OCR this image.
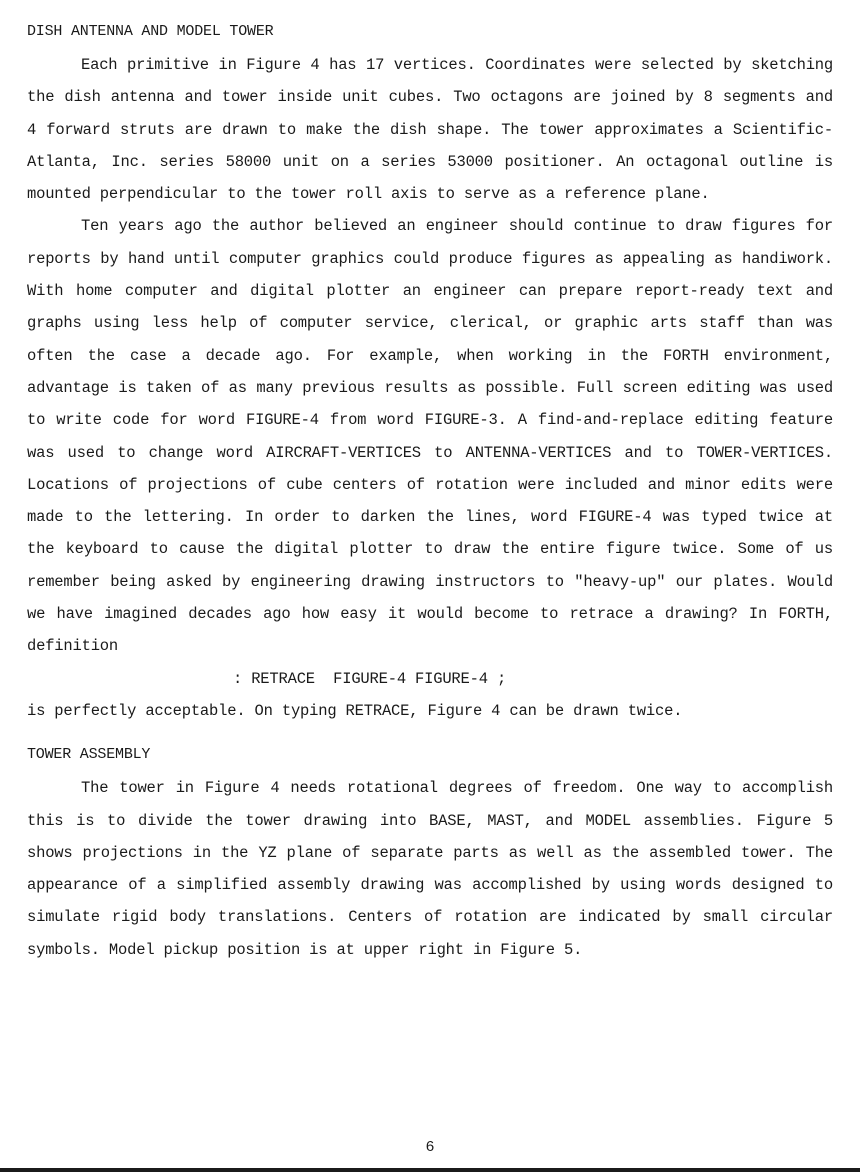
DISH ANTENNA AND MODEL TOWER

Each primitive in Figure 4 has 17 vertices. Coordinates were selected by sketching the dish antenna and tower inside unit cubes. Two octagons are joined by 8 segments and 4 forward struts are drawn to make the dish shape. The tower approximates a Scientific-Atlanta, Inc. series 58000 unit on a series 53000 positioner. An octagonal outline is mounted perpendicular to the tower roll axis to serve as a reference plane.

Ten years ago the author believed an engineer should continue to draw figures for reports by hand until computer graphics could produce figures as appealing as handiwork. With home computer and digital plotter an engineer can prepare report-ready text and graphs using less help of computer service, clerical, or graphic arts staff than was often the case a decade ago. For example, when working in the FORTH environment, advantage is taken of as many previous results as possible. Full screen editing was used to write code for word FIGURE-4 from word FIGURE-3. A find-and-replace editing feature was used to change word AIRCRAFT-VERTICES to ANTENNA-VERTICES and to TOWER-VERTICES. Locations of projections of cube centers of rotation were included and minor edits were made to the lettering. In order to darken the lines, word FIGURE-4 was typed twice at the keyboard to cause the digital plotter to draw the entire figure twice. Some of us remember being asked by engineering drawing instructors to "heavy-up" our plates. Would we have imagined decades ago how easy it would become to retrace a drawing? In FORTH, definition

: RETRACE  FIGURE-4 FIGURE-4 ;

is perfectly acceptable. On typing RETRACE, Figure 4 can be drawn twice.

TOWER ASSEMBLY

The tower in Figure 4 needs rotational degrees of freedom. One way to accomplish this is to divide the tower drawing into BASE, MAST, and MODEL assemblies. Figure 5 shows projections in the YZ plane of separate parts as well as the assembled tower. The appearance of a simplified assembly drawing was accomplished by using words designed to simulate rigid body translations. Centers of rotation are indicated by small circular symbols. Model pickup position is at upper right in Figure 5.

6
